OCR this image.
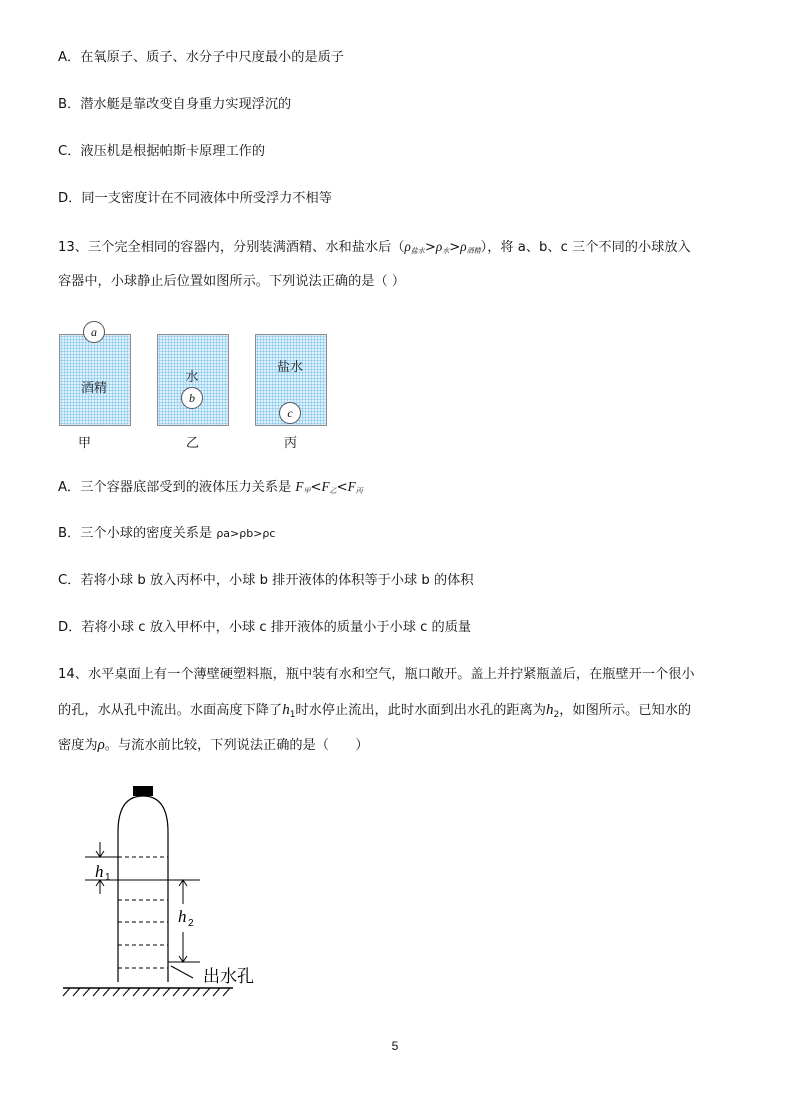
A．在氧原子、质子、水分子中尺度最小的是质子
B．潜水艇是靠改变自身重力实现浮沉的
C．液压机是根据帕斯卡原理工作的
D．同一支密度计在不同液体中所受浮力不相等
13、三个完全相同的容器内，分别装满酒精、水和盐水后$(\rho_{盐水}>\rho_水>\rho_{酒精})$，将 a、b、c 三个不同的小球放入
容器中，小球静止后位置如图所示。下列说法正确的是（ ）
酒精
a
甲
水
b
乙
盐水
c
丙
A．三个容器底部受到的液体压力关系是 $F_甲<F_乙<F_丙$
B．三个小球的密度关系是 ρa>ρb>ρc
C．若将小球 b 放入丙杯中，小球 b 排开液体的体积等于小球 b 的体积
D．若将小球 c 放入甲杯中，小球 c 排开液体的质量小于小球 c 的质量
14、水平桌面上有一个薄壁硬塑料瓶，瓶中装有水和空气，瓶口敞开。盖上并拧紧瓶盖后，在瓶壁开一个很小
的孔，水从孔中流出。水面高度下降了$h_1$时水停止流出，此时水面到出水孔的距离为$h_2$，如图所示。已知水的
密度为ρ。与流水前比较，下列说法正确的是（　　）
h 1
h 2
出水孔
5
